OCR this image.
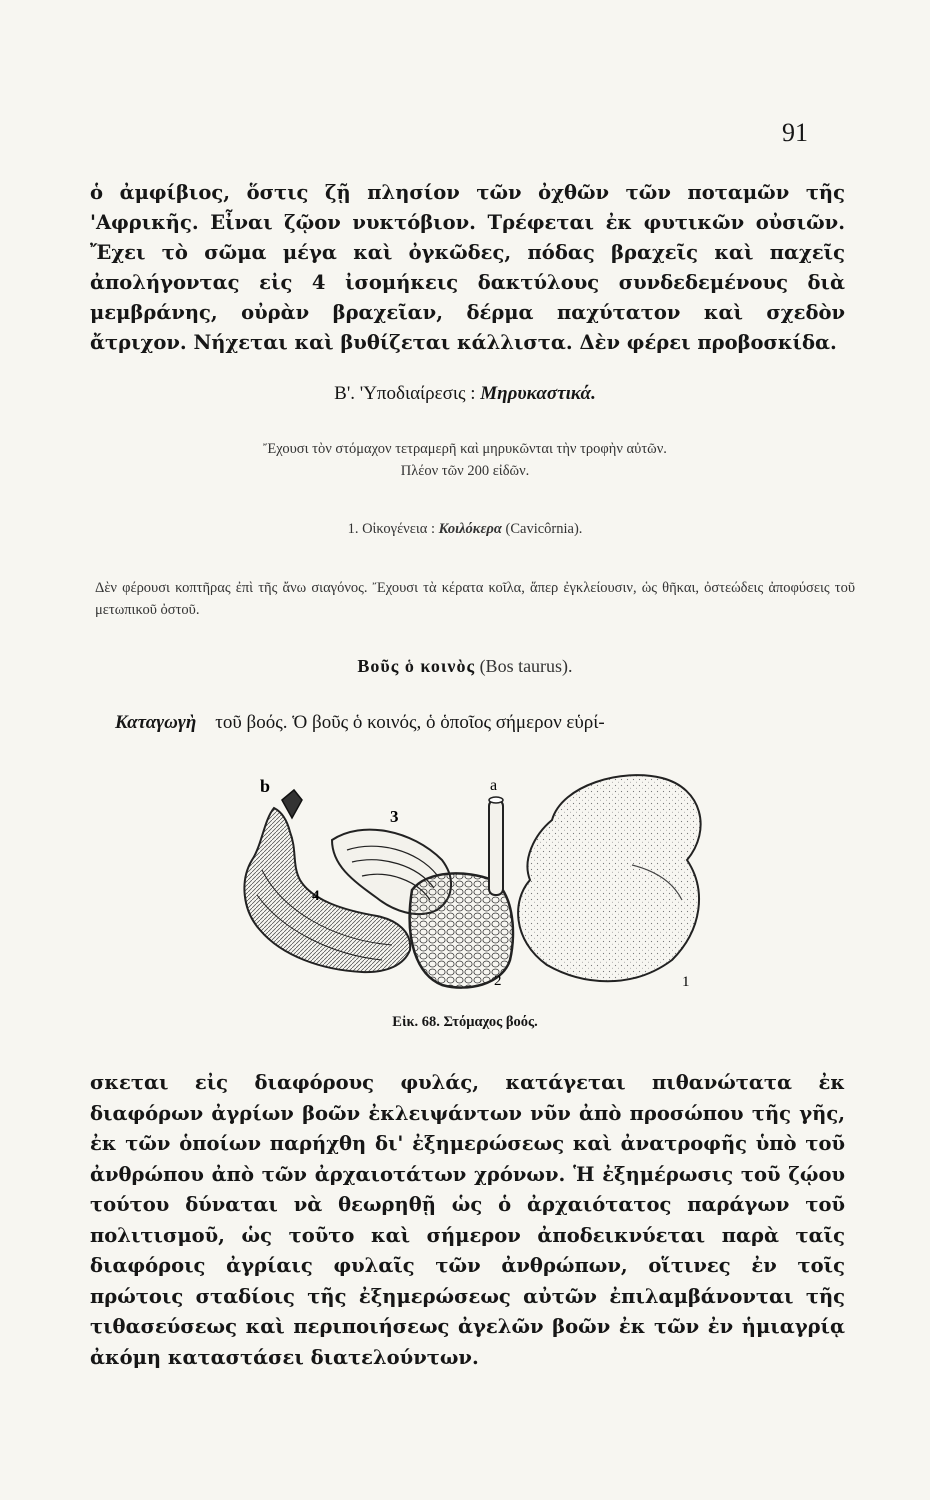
91

ὁ ἀμφίβιος, ὅστις ζῇ πλησίον τῶν ὀχθῶν τῶν ποταμῶν τῆς 'Αφρικῆς. Εἶναι ζῷον νυκτόβιον. Τρέφεται ἐκ φυτικῶν οὐσιῶν. Ἔχει τὸ σῶμα μέγα καὶ ὀγκῶδες, πόδας βραχεῖς καὶ παχεῖς ἀπολήγοντας εἰς 4 ἰσομήκεις δακτύλους συνδεδεμένους διὰ μεμβράνης, οὐρὰν βραχεῖαν, δέρμα παχύτατον καὶ σχεδὸν ἄτριχον. Νήχεται καὶ βυθίζεται κάλλιστα. Δὲν φέρει προβοσκίδα.

Β'. 'Υποδιαίρεσις : Μηρυκαστικά.
Ἔχουσι τὸν στόμαχον τετραμερῆ καὶ μηρυκῶνται τὴν τροφὴν αὐτῶν.
Πλέον τῶν 200 εἰδῶν.
1. Οἰκογένεια : Κοιλόκερα (Cavicôrnia).
Δὲν φέρουσι κοπτῆρας ἐπὶ τῆς ἄνω σιαγόνος. Ἔχουσι τὰ κέρατα κοῖλα, ἅπερ ἐγκλείουσιν, ὡς θῆκαι, ὀστεώδεις ἀποφύσεις τοῦ μετωπικοῦ ὀστοῦ.
Βοῦς ὁ κοινὸς (Bos taurus).
Καταγωγὴ τοῦ βοός. Ὁ βοῦς ὁ κοινός, ὁ ὁποῖος σήμερον εὑρί-
b	a
3
4
2	1
Εἰκ. 68. Στόμαχος βοός.

σκεται εἰς διαφόρους φυλάς, κατάγεται πιθανώτατα ἐκ διαφόρων ἀγρίων βοῶν ἐκλειψάντων νῦν ἀπὸ προσώπου τῆς γῆς, ἐκ τῶν ὁποίων παρήχθη δι' ἐξημερώσεως καὶ ἀνατροφῆς ὑπὸ τοῦ ἀνθρώπου ἀπὸ τῶν ἀρχαιοτάτων χρόνων. Ἡ ἐξημέρωσις τοῦ ζῴου τούτου δύναται νὰ θεωρηθῇ ὡς ὁ ἀρχαιότατος παράγων τοῦ πολιτισμοῦ, ὡς τοῦτο καὶ σήμερον ἀποδεικνύεται παρὰ ταῖς διαφόροις ἀγρίαις φυλαῖς τῶν ἀνθρώπων, οἵτινες ἐν τοῖς πρώτοις σταδίοις τῆς ἐξημερώσεως αὐτῶν ἐπιλαμβάνονται τῆς τιθασεύσεως καὶ περιποιήσεως ἀγελῶν βοῶν ἐκ τῶν ἐν ἡμιαγρίᾳ ἀκόμη καταστάσει διατελούντων.
